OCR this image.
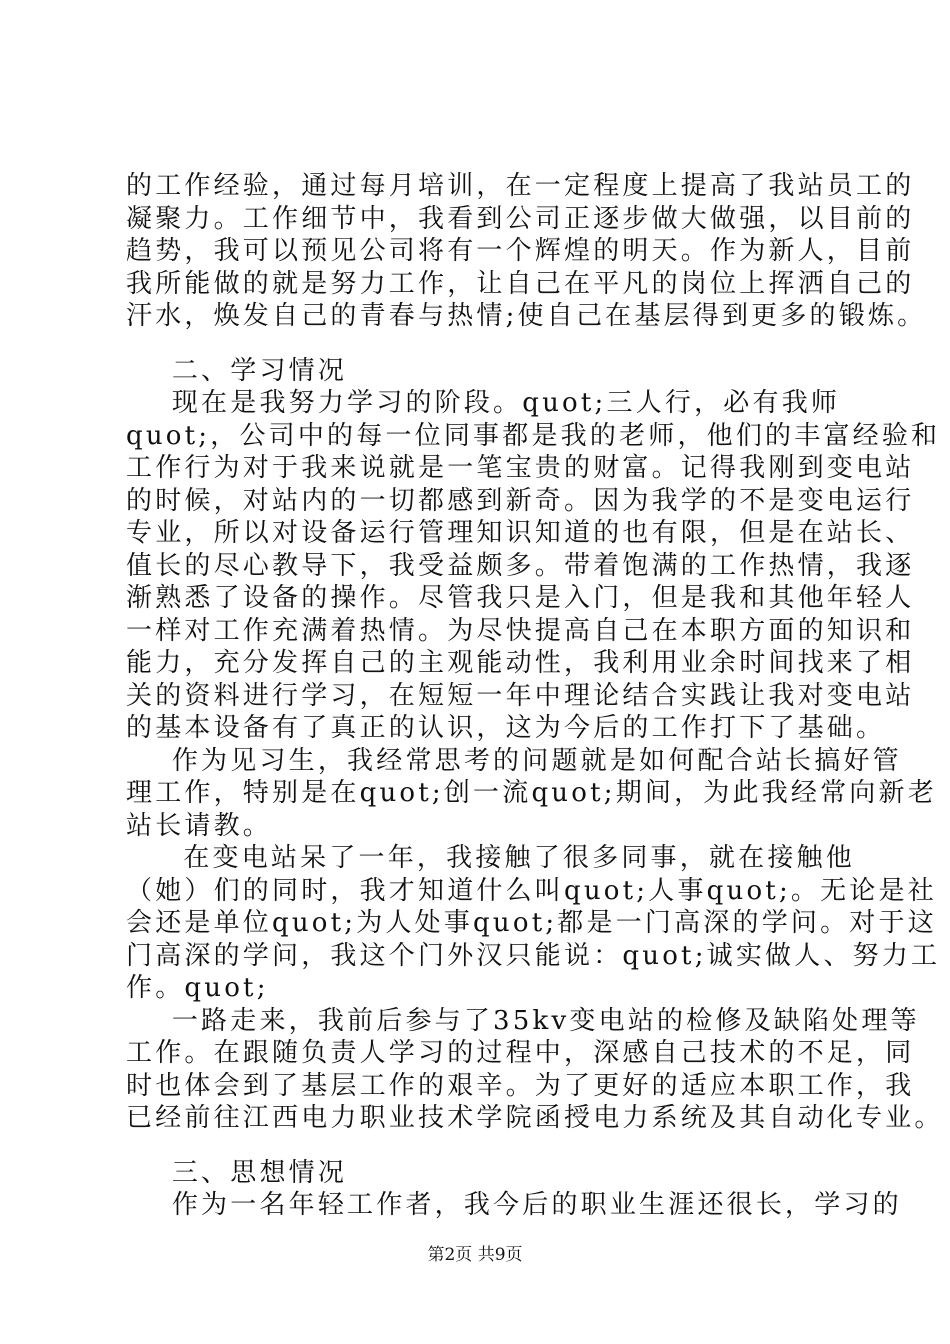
的工作经验，通过每月培训，在一定程度上提高了我站员工的
凝聚力。工作细节中，我看到公司正逐步做大做强，以目前的
趋势，我可以预见公司将有一个辉煌的明天。作为新人，目前
我所能做的就是努力工作，让自己在平凡的岗位上挥洒自己的
汗水，焕发自己的青春与热情;使自己在基层得到更多的锻炼。
二、学习情况
现在是我努力学习的阶段。quot;三人行，必有我师
quot;，公司中的每一位同事都是我的老师，他们的丰富经验和
工作行为对于我来说就是一笔宝贵的财富。记得我刚到变电站
的时候，对站内的一切都感到新奇。因为我学的不是变电运行
专业，所以对设备运行管理知识知道的也有限，但是在站长、
值长的尽心教导下，我受益颇多。带着饱满的工作热情，我逐
渐熟悉了设备的操作。尽管我只是入门，但是我和其他年轻人
一样对工作充满着热情。为尽快提高自己在本职方面的知识和
能力，充分发挥自己的主观能动性，我利用业余时间找来了相
关的资料进行学习，在短短一年中理论结合实践让我对变电站
的基本设备有了真正的认识，这为今后的工作打下了基础。
作为见习生，我经常思考的问题就是如何配合站长搞好管
理工作，特别是在quot;创一流quot;期间，为此我经常向新老
站长请教。
在变电站呆了一年，我接触了很多同事，就在接触他
（她）们的同时，我才知道什么叫quot;人事quot;。无论是社
会还是单位quot;为人处事quot;都是一门高深的学问。对于这
门高深的学问，我这个门外汉只能说：quot;诚实做人、努力工
作。quot;
一路走来，我前后参与了35kv变电站的检修及缺陷处理等
工作。在跟随负责人学习的过程中，深感自己技术的不足，同
时也体会到了基层工作的艰辛。为了更好的适应本职工作，我
已经前往江西电力职业技术学院函授电力系统及其自动化专业。
三、思想情况
作为一名年轻工作者，我今后的职业生涯还很长，学习的
第2页 共9页
